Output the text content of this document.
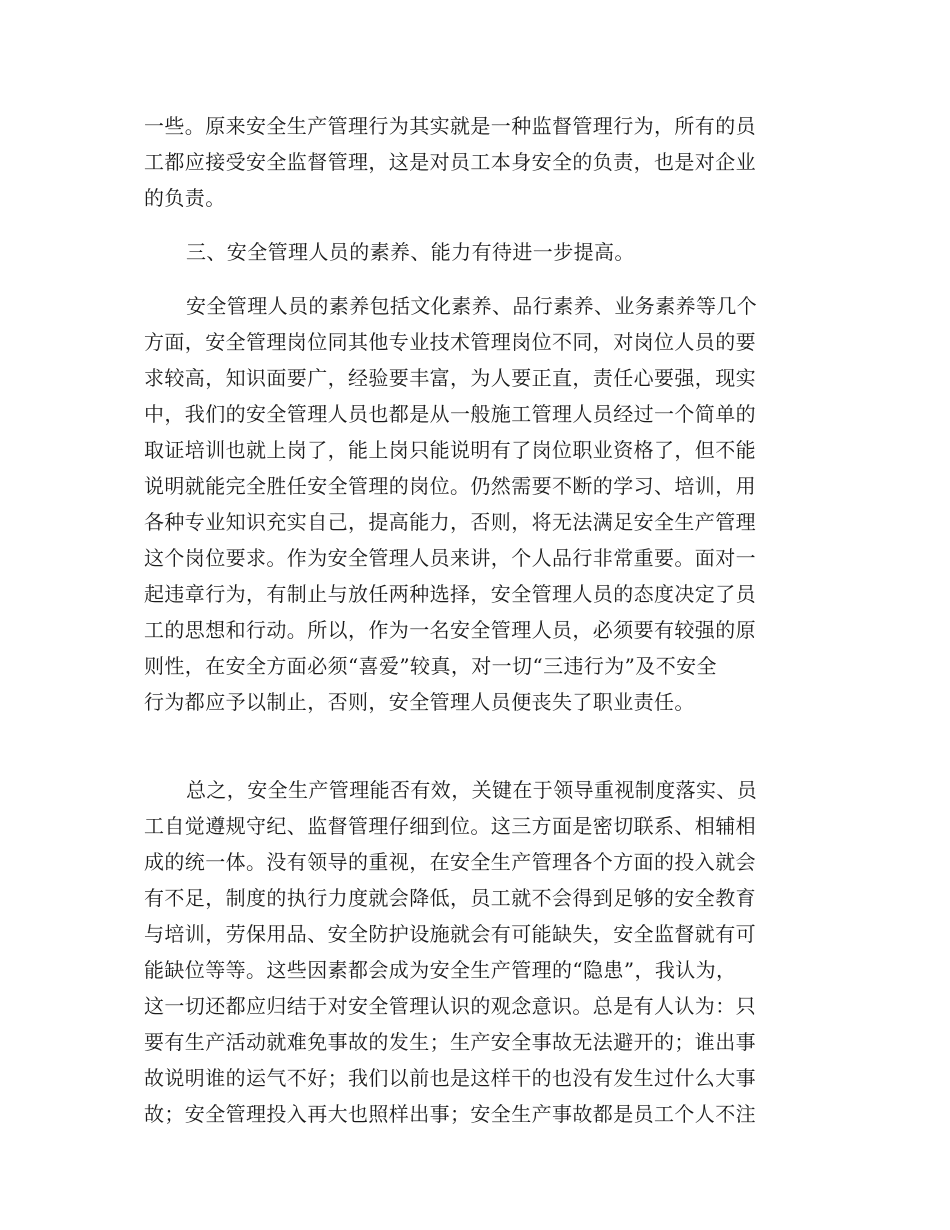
一些。原来安全生产管理行为其实就是一种监督管理行为，所有的员
工都应接受安全监督管理，这是对员工本身安全的负责，也是对企业
的负责。
三、安全管理人员的素养、能力有待进一步提高。
安全管理人员的素养包括文化素养、品行素养、业务素养等几个
方面，安全管理岗位同其他专业技术管理岗位不同，对岗位人员的要
求较高，知识面要广，经验要丰富，为人要正直，责任心要强，现实
中，我们的安全管理人员也都是从一般施工管理人员经过一个简单的
取证培训也就上岗了，能上岗只能说明有了岗位职业资格了，但不能
说明就能完全胜任安全管理的岗位。仍然需要不断的学习、培训，用
各种专业知识充实自己，提高能力，否则，将无法满足安全生产管理
这个岗位要求。作为安全管理人员来讲，个人品行非常重要。面对一
起违章行为，有制止与放任两种选择，安全管理人员的态度决定了员
工的思想和行动。所以，作为一名安全管理人员，必须要有较强的原
则性，在安全方面必须“喜爱”较真，对一切“三违行为”及不安全
行为都应予以制止，否则，安全管理人员便丧失了职业责任。
总之，安全生产管理能否有效，关键在于领导重视制度落实、员
工自觉遵规守纪、监督管理仔细到位。这三方面是密切联系、相辅相
成的统一体。没有领导的重视，在安全生产管理各个方面的投入就会
有不足，制度的执行力度就会降低，员工就不会得到足够的安全教育
与培训，劳保用品、安全防护设施就会有可能缺失，安全监督就有可
能缺位等等。这些因素都会成为安全生产管理的“隐患”，我认为，
这一切还都应归结于对安全管理认识的观念意识。总是有人认为：只
要有生产活动就难免事故的发生；生产安全事故无法避开的；谁出事
故说明谁的运气不好；我们以前也是这样干的也没有发生过什么大事
故；安全管理投入再大也照样出事；安全生产事故都是员工个人不注
